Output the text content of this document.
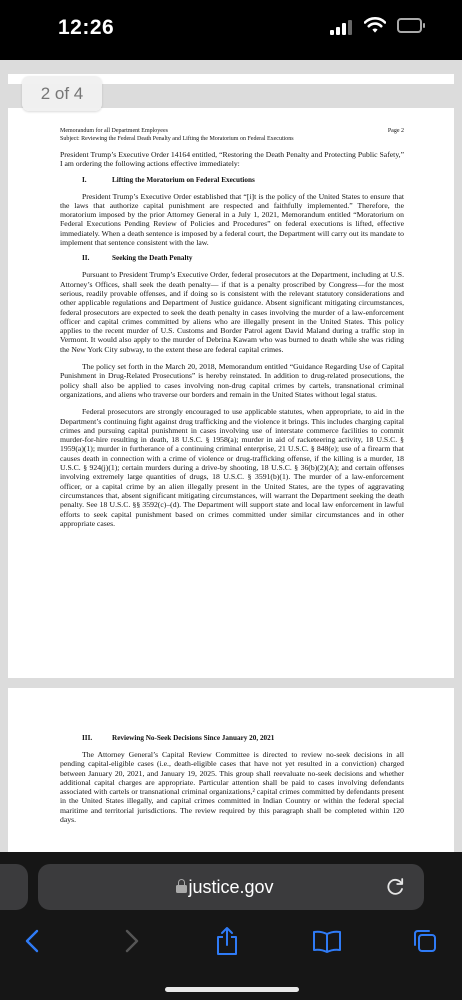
12:26
2 of 4
Memorandum for all Department Employees
Subject: Reviewing the Federal Death Penalty and Lifting the Moratorium on Federal Executions
Page 2

President Trump’s Executive Order 14164 entitled, “Restoring the Death Penalty and Protecting Public Safety,” I am ordering the following actions effective immediately:

I.	Lifting the Moratorium on Federal Executions

President Trump’s Executive Order established that “[i]t is the policy of the United States to ensure that the laws that authorize capital punishment are respected and faithfully implemented.” Therefore, the moratorium imposed by the prior Attorney General in a July 1, 2021, Memorandum entitled “Moratorium on Federal Executions Pending Review of Policies and Procedures” on federal executions is lifted, effective immediately. When a death sentence is imposed by a federal court, the Department will carry out its mandate to implement that sentence consistent with the law.

II.	Seeking the Death Penalty

Pursuant to President Trump’s Executive Order, federal prosecutors at the Department, including at U.S. Attorney’s Offices, shall seek the death penalty— if that is a penalty proscribed by Congress—for the most serious, readily provable offenses, and if doing so is consistent with the relevant statutory considerations and other applicable regulations and Department of Justice guidance. Absent significant mitigating circumstances, federal prosecutors are expected to seek the death penalty in cases involving the murder of a law-enforcement officer and capital crimes committed by aliens who are illegally present in the United States. This policy applies to the recent murder of U.S. Customs and Border Patrol agent David Maland during a traffic stop in Vermont. It would also apply to the murder of Debrina Kawam who was burned to death while she was riding the New York City subway, to the extent these are federal capital crimes.

The policy set forth in the March 20, 2018, Memorandum entitled “Guidance Regarding Use of Capital Punishment in Drug-Related Prosecutions” is hereby reinstated. In addition to drug-related prosecutions, the policy shall also be applied to cases involving non-drug capital crimes by cartels, transnational criminal organizations, and aliens who traverse our borders and remain in the United States without legal status.

Federal prosecutors are strongly encouraged to use applicable statutes, when appropriate, to aid in the Department’s continuing fight against drug trafficking and the violence it brings. This includes charging capital crimes and pursuing capital punishment in cases involving use of interstate commerce facilities to commit murder-for-hire resulting in death, 18 U.S.C. § 1958(a); murder in aid of racketeering activity, 18 U.S.C. § 1959(a)(1); murder in furtherance of a continuing criminal enterprise, 21 U.S.C. § 848(e); use of a firearm that causes death in connection with a crime of violence or drug-trafficking offense, if the killing is a murder, 18 U.S.C. § 924(j)(1); certain murders during a drive-by shooting, 18 U.S.C. § 36(b)(2)(A); and certain offenses involving extremely large quantities of drugs, 18 U.S.C. § 3591(b)(1). The murder of a law-enforcement officer, or a capital crime by an alien illegally present in the United States, are the types of aggravating circumstances that, absent significant mitigating circumstances, will warrant the Department seeking the death penalty. See 18 U.S.C. §§ 3592(c)–(d). The Department will support state and local law enforcement in lawful efforts to seek capital punishment based on crimes committed under similar circumstances and in other appropriate cases.

III.	Reviewing No-Seek Decisions Since January 20, 2021

The Attorney General’s Capital Review Committee is directed to review no-seek decisions in all pending capital-eligible cases (i.e., death-eligible cases that have not yet resulted in a conviction) charged between January 20, 2021, and January 19, 2025. This group shall reevaluate no-seek decisions and whether additional capital charges are appropriate. Particular attention shall be paid to cases involving defendants associated with cartels or transnational criminal organizations,² capital crimes committed by defendants present in the United States illegally, and capital crimes committed in Indian Country or within the federal special maritime and territorial jurisdictions. The review required by this paragraph shall be completed within 120 days.

justice.gov
